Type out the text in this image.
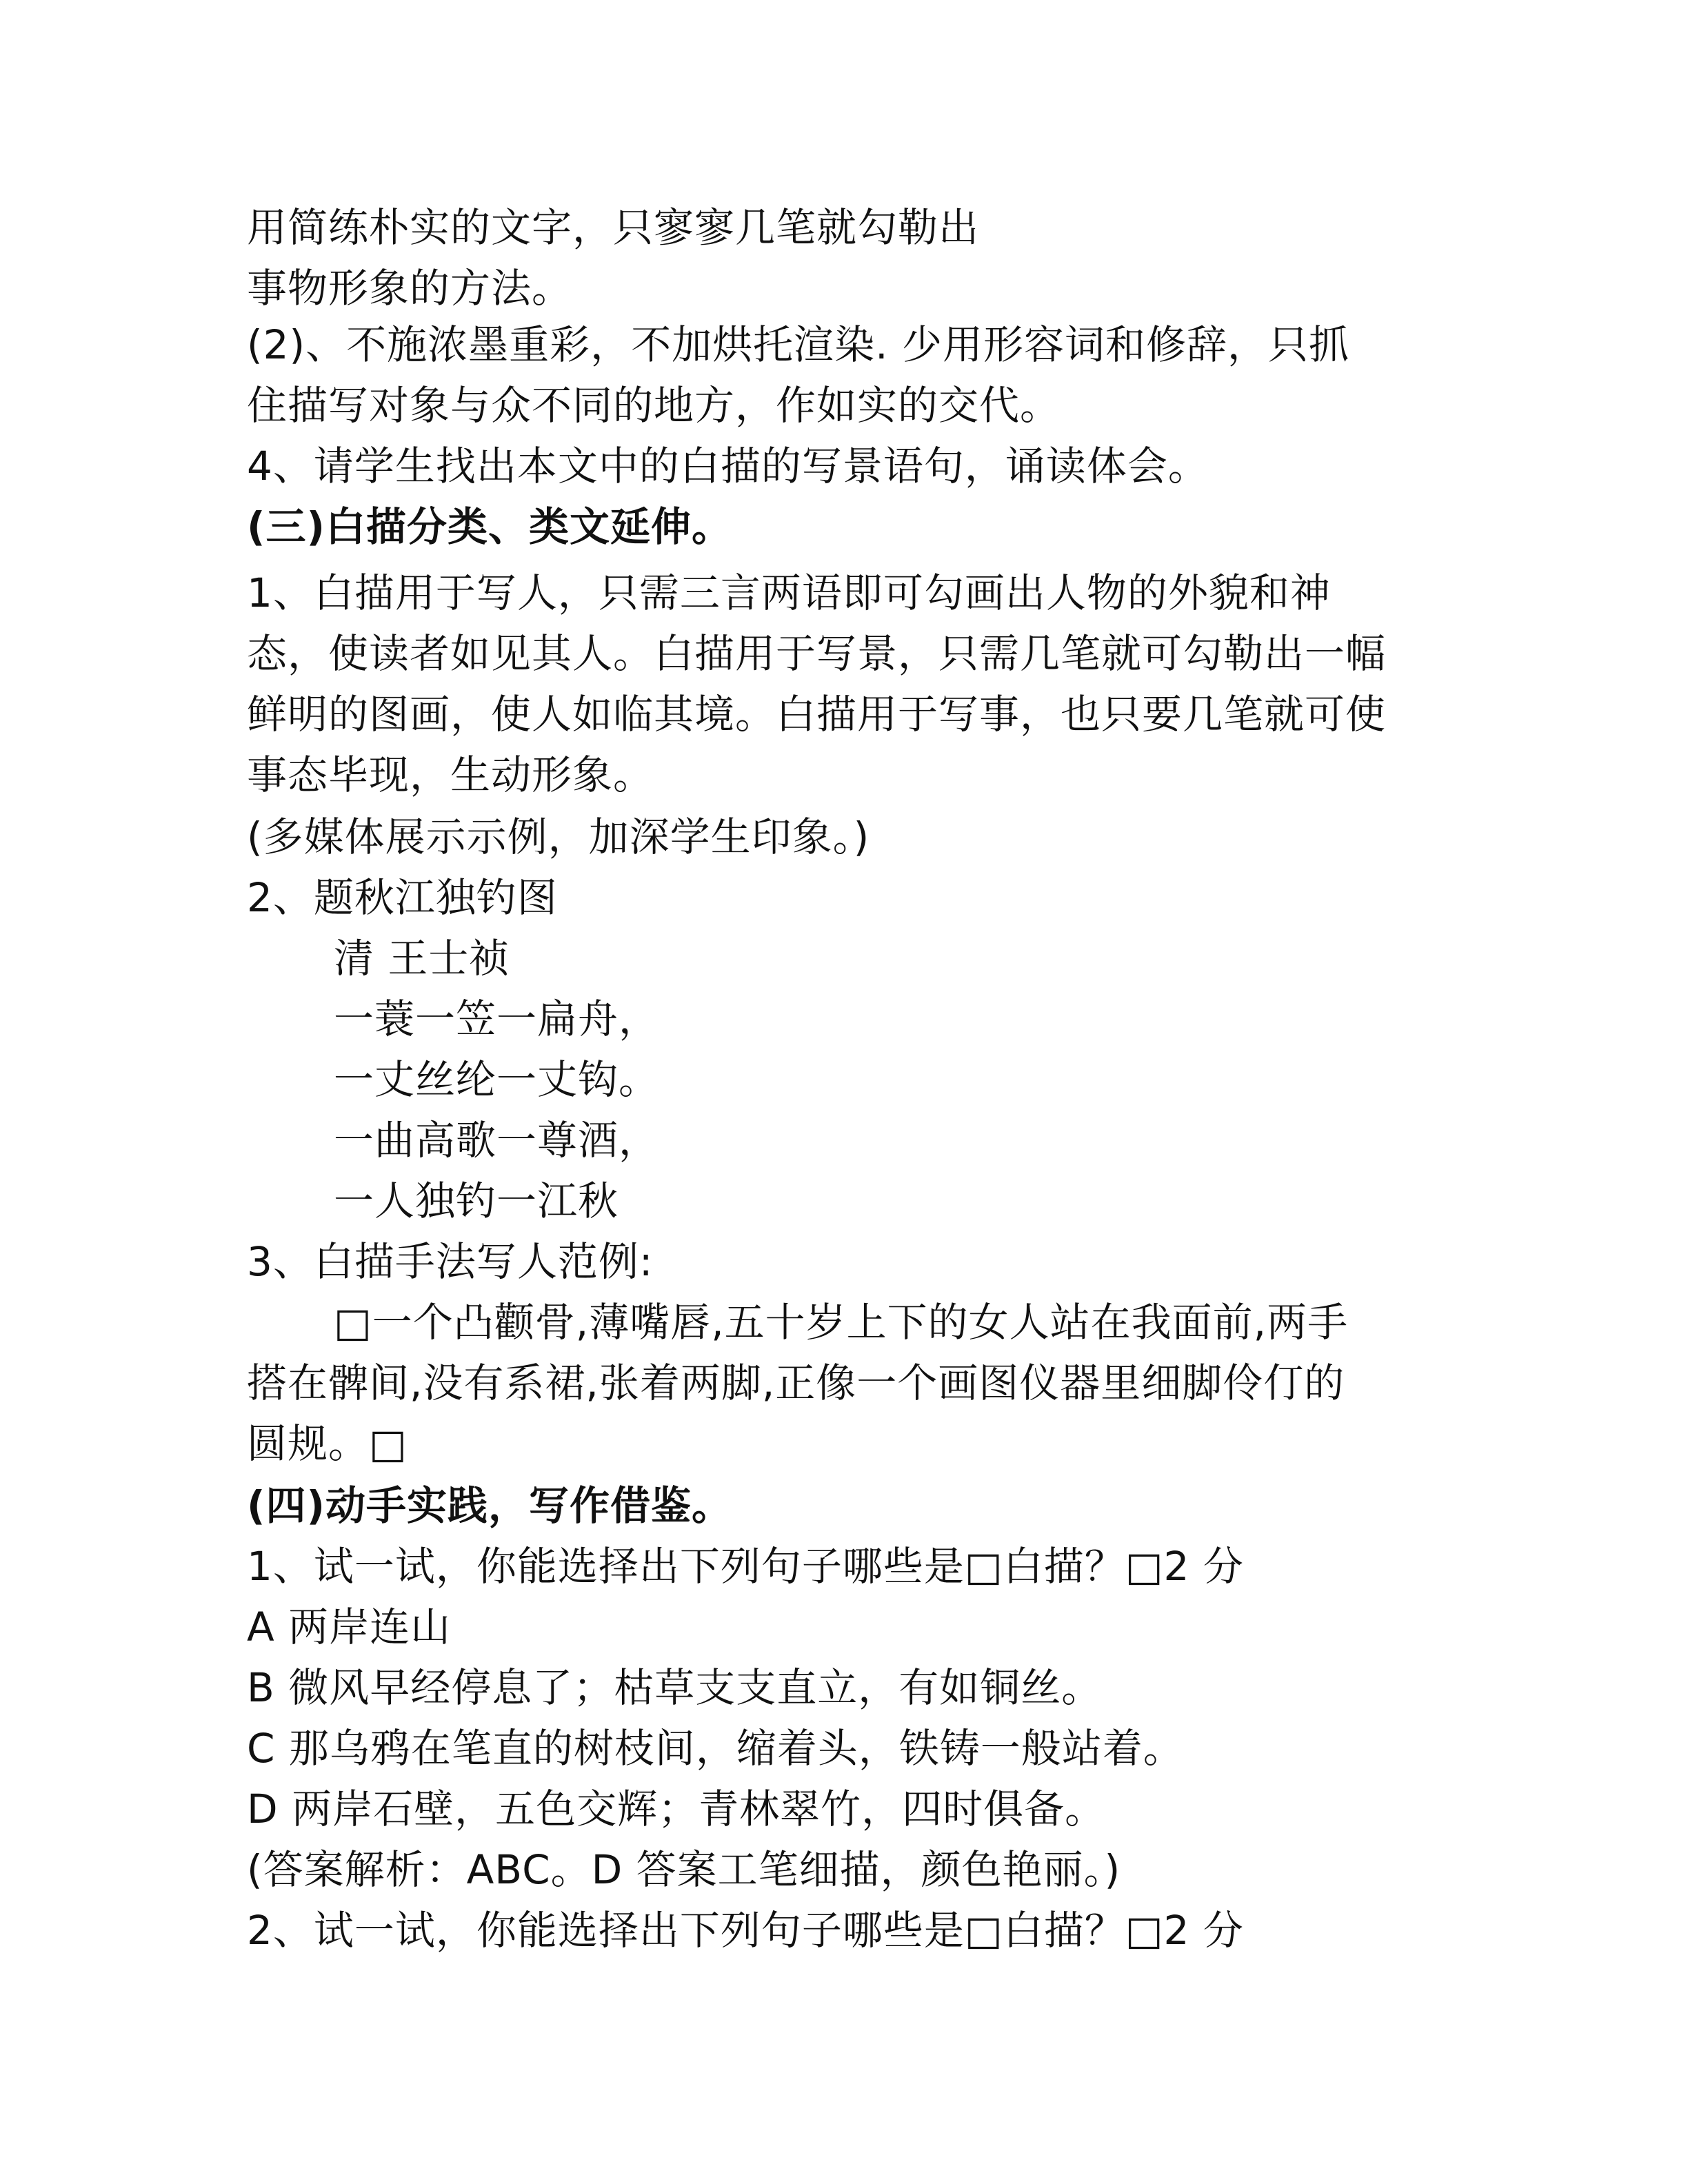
用简练朴实的文字，只寥寥几笔就勾勒出
事物形象的方法。
(2)、不施浓墨重彩，不加烘托渲染. 少用形容词和修辞，只抓
住描写对象与众不同的地方，作如实的交代。
4、请学生找出本文中的白描的写景语句，诵读体会。
(三)白描分类、类文延伸。
1、白描用于写人，只需三言两语即可勾画出人物的外貌和神
态，使读者如见其人。白描用于写景，只需几笔就可勾勒出一幅
鲜明的图画，使人如临其境。白描用于写事，也只要几笔就可使
事态毕现，生动形象。
(多媒体展示示例，加深学生印象。)
2、题秋江独钓图
清 王士祯
一蓑一笠一扁舟，
一丈丝纶一丈钩。
一曲高歌一尊酒，
一人独钓一江秋
3、白描手法写人范例:
□一个凸颧骨,薄嘴唇,五十岁上下的女人站在我面前,两手
搭在髀间,没有系裙,张着两脚,正像一个画图仪器里细脚伶仃的
圆规。□
(四)动手实践，写作借鉴。
1、试一试，你能选择出下列句子哪些是□白描？□2 分
A 两岸连山
B 微风早经停息了；枯草支支直立，有如铜丝。
C 那乌鸦在笔直的树枝间，缩着头，铁铸一般站着。
D 两岸石壁，五色交辉；青林翠竹，四时俱备。
(答案解析：ABC。D 答案工笔细描，颜色艳丽。)
2、试一试，你能选择出下列句子哪些是□白描？□2 分
